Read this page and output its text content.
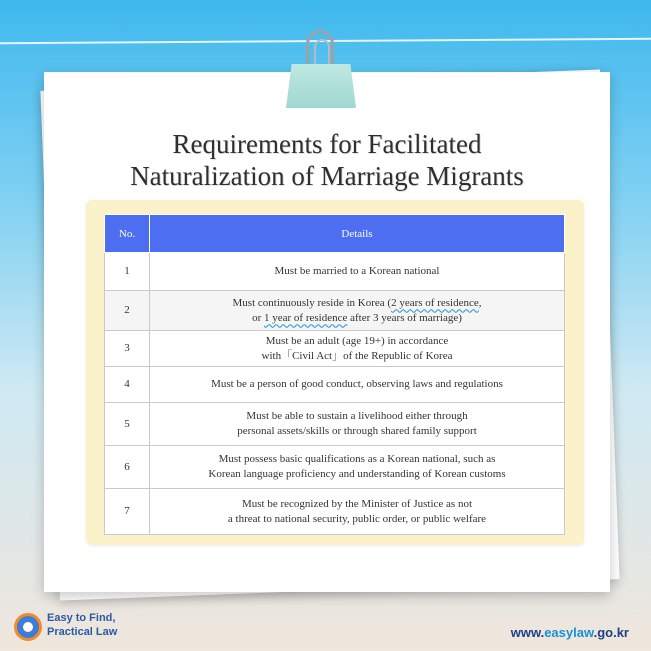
Requirements for Facilitated
Naturalization of Marriage Migrants
No.	Details
1	Must be married to a Korean national
2	Must continuously reside in Korea (2 years of residence,
or 1 year of residence after 3 years of marriage)
3	Must be an adult (age 19+) in accordance
with「Civil Act」of the Republic of Korea
4	Must be a person of good conduct, observing laws and regulations
5	Must be able to sustain a livelihood either through
personal assets/skills or through shared family support
6	Must possess basic qualifications as a Korean national, such as
Korean language proficiency and understanding of Korean customs
7	Must be recognized by the Minister of Justice as not
a threat to national security, public order, or public welfare
Easy to Find,
Practical Law	www.easylaw.go.kr
